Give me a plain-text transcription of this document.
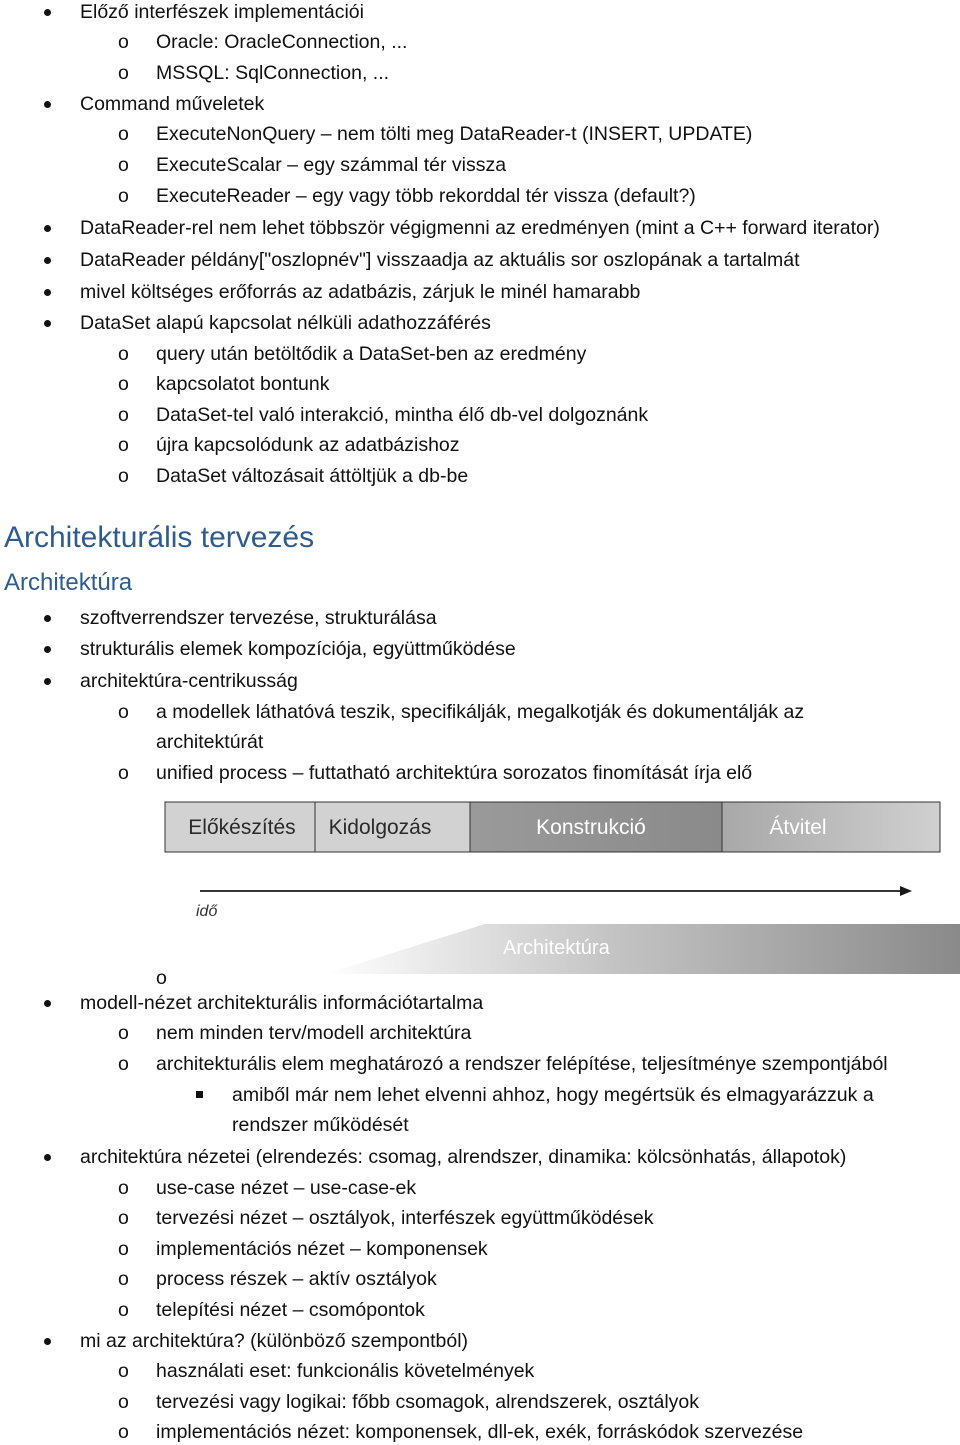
Előző interfészek implementációi
o Oracle: OracleConnection, ...
o MSSQL: SqlConnection, ...
Command műveletek
o ExecuteNonQuery – nem tölti meg DataReader-t (INSERT, UPDATE)
o ExecuteScalar – egy számmal tér vissza
o ExecuteReader – egy vagy több rekorddal tér vissza (default?)
DataReader-rel nem lehet többször végigmenni az eredményen (mint a C++ forward iterator)
DataReader példány["oszlopnév"] visszaadja az aktuális sor oszlopának a tartalmát
mivel költséges erőforrás az adatbázis, zárjuk le minél hamarabb
DataSet alapú kapcsolat nélküli adathozzáférés
o query után betöltődik a DataSet-ben az eredmény
o kapcsolatot bontunk
o DataSet-tel való interakció, mintha élő db-vel dolgoznánk
o újra kapcsolódunk az adatbázishoz
o DataSet változásait áttöltjük a db-be
Architekturális tervezés
Architektúra
szoftverrendszer tervezése, strukturálása
strukturális elemek kompozíciója, együttműködése
architektúra-centrikusság
o a modellek láthatóvá teszik, specifikálják, megalkotják és dokumentálják az
architektúrát
o unified process – futtatható architektúra sorozatos finomítását írja elő
Előkészítés Kidolgozás	Konstrukció	Átvitel
idő
Architektúra
o
modell-nézet architekturális információtartalma
o nem minden terv/modell architektúra
o architekturális elem meghatározó a rendszer felépítése, teljesítménye szempontjából
amiből már nem lehet elvenni ahhoz, hogy megértsük és elmagyarázzuk a
rendszer működését
architektúra nézetei (elrendezés: csomag, alrendszer, dinamika: kölcsönhatás, állapotok)
o use-case nézet – use-case-ek
o tervezési nézet – osztályok, interfészek együttműködések
o implementációs nézet – komponensek
o process részek – aktív osztályok
o telepítési nézet – csomópontok
mi az architektúra? (különböző szempontból)
o használati eset: funkcionális követelmények
o tervezési vagy logikai: főbb csomagok, alrendszerek, osztályok
o implementációs nézet: komponensek, dll-ek, exék, forráskódok szervezése
